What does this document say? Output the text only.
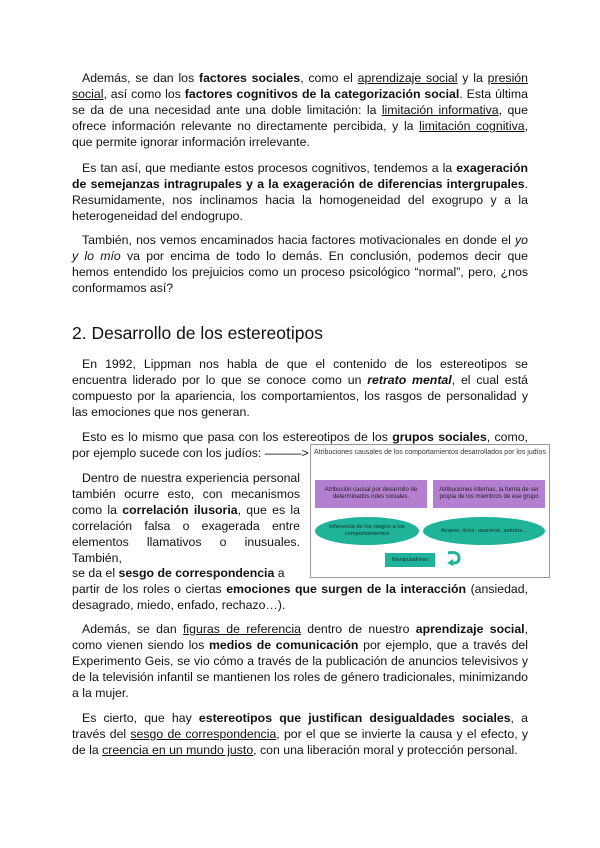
Además, se dan los factores sociales, como el aprendizaje social y la presión social, así como los factores cognitivos de la categorización social. Esta última se da de una necesidad ante una doble limitación: la limitación informativa, que ofrece información relevante no directamente percibida, y la limitación cognitiva, que permite ignorar información irrelevante.

Es tan así, que mediante estos procesos cognitivos, tendemos a la exageración de semejanzas intragrupales y a la exageración de diferencias intergrupales. Resumidamente, nos inclinamos hacia la homogeneidad del exogrupo y a la heterogeneidad del endogrupo.

También, nos vemos encaminados hacia factores motivacionales en donde el yo y lo mío va por encima de todo lo demás. En conclusión, podemos decir que hemos entendido los prejuicios como un proceso psicológico “normal”, pero, ¿nos conformamos así?

2. Desarrollo de los estereotipos

En 1992, Lippman nos habla de que el contenido de los estereotipos se encuentra liderado por lo que se conoce como un retrato mental, el cual está compuesto por la apariencia, los comportamientos, los rasgos de personalidad y las emociones que nos generan.

Esto es lo mismo que pasa con los estereotipos de los grupos sociales, como, por ejemplo sucede con los judíos: ———>

Dentro de nuestra experiencia personal también ocurre esto, con mecanismos como la correlación ilusoria, que es la correlación falsa o exagerada entre elementos llamativos o inusuales. También,

se da el sesgo de correspondencia a

partir de los roles o ciertas emociones que surgen de la interacción (ansiedad, desagrado, miedo, enfado, rechazo…).

Además, se dan figuras de referencia dentro de nuestro aprendizaje social, como vienen siendo los medios de comunicación por ejemplo, que a través del Experimento Geis, se vio cómo a través de la publicación de anuncios televisivos y de la televisión infantil se mantienen los roles de género tradicionales, minimizando a la mujer.

Es cierto, que hay estereotipos que justifican desigualdades sociales, a través del sesgo de correspondencia, por el que se invierte la causa y el efecto, y de la creencia en un mundo justo, con una liberación moral y protección personal.

Atribuciones causales de los comportamientos desarrollados por los judíos
Atribución causal por desarrollo de determinados roles sociales.
Atribuciones internas, la forma de ser propia de los miembros de ese grupo
Inferencia de los rasgos a los comportamientos
Avaros, ricos, usureros, astutos...
Manipuladores
